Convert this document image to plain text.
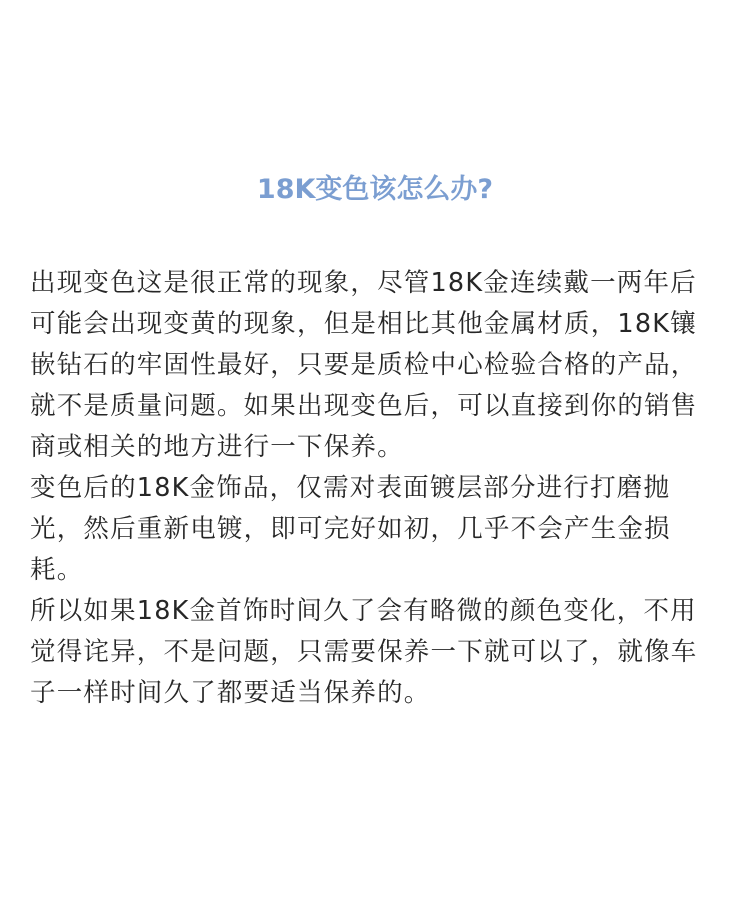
18K变色该怎么办?

出现变色这是很正常的现象，尽管18K金连续戴一两年后可能会出现变黄的现象，但是相比其他金属材质，18K镶嵌钻石的牢固性最好，只要是质检中心检验合格的产品，就不是质量问题。如果出现变色后，可以直接到你的销售商或相关的地方进行一下保养。

变色后的18K金饰品，仅需对表面镀层部分进行打磨抛光，然后重新电镀，即可完好如初，几乎不会产生金损耗。

所以如果18K金首饰时间久了会有略微的颜色变化，不用觉得诧异，不是问题，只需要保养一下就可以了，就像车子一样时间久了都要适当保养的。
